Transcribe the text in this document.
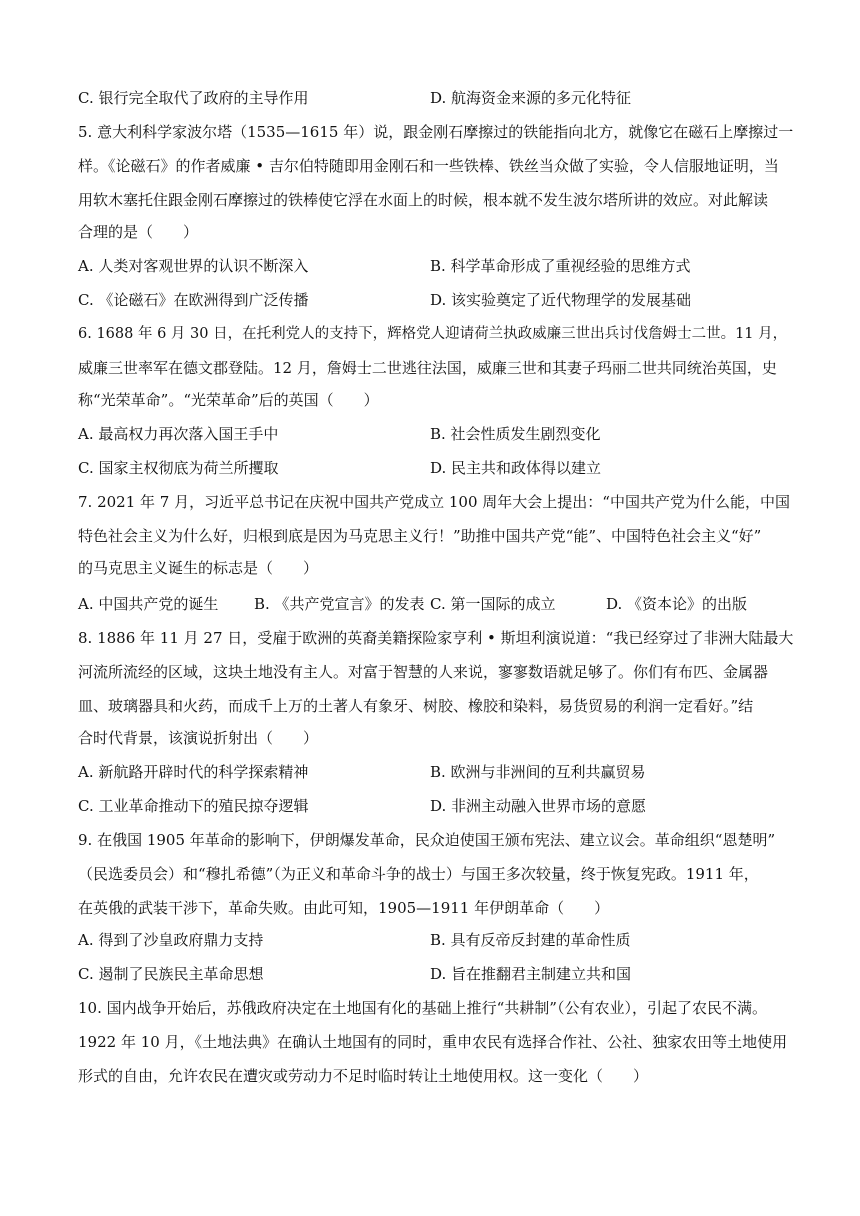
C. 银行完全取代了政府的主导作用	D. 航海资金来源的多元化特征
5. 意大利科学家波尔塔（1535—1615 年）说，跟金刚石摩擦过的铁能指向北方，就像它在磁石上摩擦过一
样。《论磁石》的作者威廉 • 吉尔伯特随即用金刚石和一些铁棒、铁丝当众做了实验，令人信服地证明，当
用软木塞托住跟金刚石摩擦过的铁棒使它浮在水面上的时候，根本就不发生波尔塔所讲的效应。对此解读
合理的是（　　）
A. 人类对客观世界的认识不断深入	B. 科学革命形成了重视经验的思维方式
C. 《论磁石》在欧洲得到广泛传播	D. 该实验奠定了近代物理学的发展基础
6. 1688 年 6 月 30 日，在托利党人的支持下，辉格党人迎请荷兰执政威廉三世出兵讨伐詹姆士二世。11 月，
威廉三世率军在德文郡登陆。12 月，詹姆士二世逃往法国，威廉三世和其妻子玛丽二世共同统治英国，史
称“光荣革命”。“光荣革命”后的英国（　　）
A. 最高权力再次落入国王手中	B. 社会性质发生剧烈变化
C. 国家主权彻底为荷兰所攫取	D. 民主共和政体得以建立
7. 2021 年 7 月，习近平总书记在庆祝中国共产党成立 100 周年大会上提出：“中国共产党为什么能，中国
特色社会主义为什么好，归根到底是因为马克思主义行！”助推中国共产党“能”、中国特色社会主义“好”
的马克思主义诞生的标志是（　　）
A. 中国共产党的诞生 B. 《共产党宣言》的发表 C. 第一国际的成立	D. 《资本论》的出版
8. 1886 年 11 月 27 日，受雇于欧洲的英裔美籍探险家亨利 • 斯坦利演说道：“我已经穿过了非洲大陆最大
河流所流经的区域，这块土地没有主人。对富于智慧的人来说，寥寥数语就足够了。你们有布匹、金属器
皿、玻璃器具和火药，而成千上万的土著人有象牙、树胶、橡胶和染料，易货贸易的利润一定看好。”结
合时代背景，该演说折射出（　　）
A. 新航路开辟时代的科学探索精神	B. 欧洲与非洲间的互利共赢贸易
C. 工业革命推动下的殖民掠夺逻辑	D. 非洲主动融入世界市场的意愿
9. 在俄国 1905 年革命的影响下，伊朗爆发革命，民众迫使国王颁布宪法、建立议会。革命组织“恩楚明”
（民选委员会）和“穆扎希德”（为正义和革命斗争的战士）与国王多次较量，终于恢复宪政。1911 年，
在英俄的武装干涉下，革命失败。由此可知，1905—1911 年伊朗革命（　　）
A. 得到了沙皇政府鼎力支持	B. 具有反帝反封建的革命性质
C. 遏制了民族民主革命思想	D. 旨在推翻君主制建立共和国
10. 国内战争开始后，苏俄政府决定在土地国有化的基础上推行“共耕制”（公有农业），引起了农民不满。
1922 年 10 月，《土地法典》在确认土地国有的同时，重申农民有选择合作社、公社、独家农田等土地使用
形式的自由，允许农民在遭灾或劳动力不足时临时转让土地使用权。这一变化（　　）
